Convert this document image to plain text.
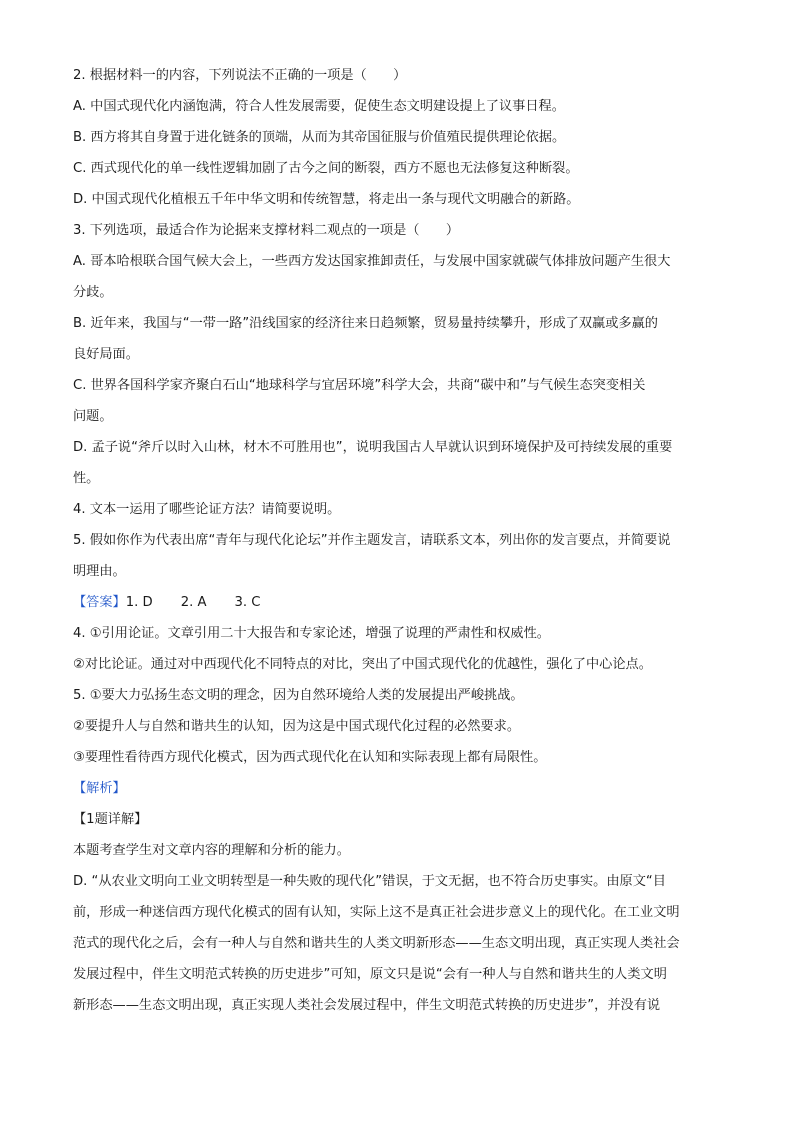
2. 根据材料一的内容，下列说法不正确的一项是（　　）
A. 中国式现代化内涵饱满，符合人性发展需要，促使生态文明建设提上了议事日程。
B. 西方将其自身置于进化链条的顶端，从而为其帝国征服与价值殖民提供理论依据。
C. 西式现代化的单一线性逻辑加剧了古今之间的断裂，西方不愿也无法修复这种断裂。
D. 中国式现代化植根五千年中华文明和传统智慧，将走出一条与现代文明融合的新路。
3. 下列选项，最适合作为论据来支撑材料二观点的一项是（　　）
A. 哥本哈根联合国气候大会上，一些西方发达国家推卸责任，与发展中国家就碳气体排放问题产生很大
分歧。
B. 近年来，我国与“一带一路”沿线国家的经济往来日趋频繁，贸易量持续攀升，形成了双赢或多赢的
良好局面。
C. 世界各国科学家齐聚白石山“地球科学与宜居环境”科学大会，共商“碳中和”与气候生态突变相关
问题。
D. 孟子说“斧斤以时入山林，材木不可胜用也”，说明我国古人早就认识到环境保护及可持续发展的重要
性。
4. 文本一运用了哪些论证方法？请简要说明。
5. 假如你作为代表出席“青年与现代化论坛”并作主题发言，请联系文本，列出你的发言要点，并简要说
明理由。
【答案】1. D 2. A 3. C
4. ①引用论证。文章引用二十大报告和专家论述，增强了说理的严肃性和权威性。
②对比论证。通过对中西现代化不同特点的对比，突出了中国式现代化的优越性，强化了中心论点。
5. ①要大力弘扬生态文明的理念，因为自然环境给人类的发展提出严峻挑战。
②要提升人与自然和谐共生的认知，因为这是中国式现代化过程的必然要求。
③要理性看待西方现代化模式，因为西式现代化在认知和实际表现上都有局限性。
【解析】
【1题详解】
本题考查学生对文章内容的理解和分析的能力。
D. “从农业文明向工业文明转型是一种失败的现代化”错误，于文无据，也不符合历史事实。由原文“目
前，形成一种迷信西方现代化模式的固有认知，实际上这不是真正社会进步意义上的现代化。在工业文明
范式的现代化之后，会有一种人与自然和谐共生的人类文明新形态——生态文明出现，真正实现人类社会
发展过程中，伴生文明范式转换的历史进步”可知，原文只是说“会有一种人与自然和谐共生的人类文明
新形态——生态文明出现，真正实现人类社会发展过程中，伴生文明范式转换的历史进步”，并没有说
